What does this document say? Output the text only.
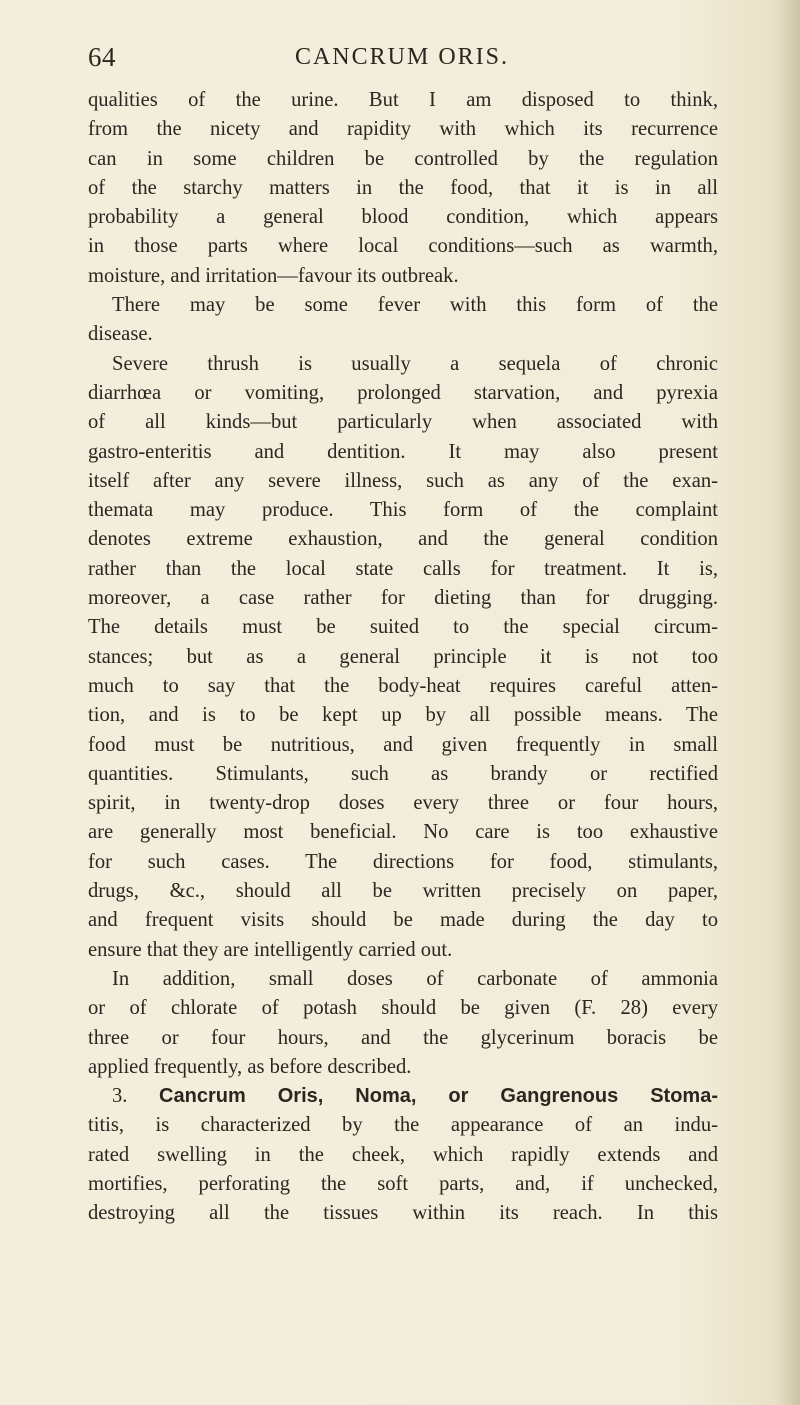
64	CANCRUM ORIS.
qualities of the urine. But I am disposed to think,
from the nicety and rapidity with which its recurrence
can in some children be controlled by the regulation
of the starchy matters in the food, that it is in all
probability a general blood condition, which appears
in those parts where local conditions—such as warmth,
moisture, and irritation—favour its outbreak.
There may be some fever with this form of the
disease.
Severe thrush is usually a sequela of chronic
diarrhœa or vomiting, prolonged starvation, and pyrexia
of all kinds—but particularly when associated with
gastro-enteritis and dentition. It may also present
itself after any severe illness, such as any of the exan-
themata may produce. This form of the complaint
denotes extreme exhaustion, and the general condition
rather than the local state calls for treatment. It is,
moreover, a case rather for dieting than for drugging.
The details must be suited to the special circum-
stances; but as a general principle it is not too
much to say that the body-heat requires careful atten-
tion, and is to be kept up by all possible means. The
food must be nutritious, and given frequently in small
quantities. Stimulants, such as brandy or rectified
spirit, in twenty-drop doses every three or four hours,
are generally most beneficial. No care is too exhaustive
for such cases. The directions for food, stimulants,
drugs, &c., should all be written precisely on paper,
and frequent visits should be made during the day to
ensure that they are intelligently carried out.
In addition, small doses of carbonate of ammonia
or of chlorate of potash should be given (F. 28) every
three or four hours, and the glycerinum boracis be
applied frequently, as before described.
3. Cancrum Oris, Noma, or Gangrenous Stoma-
titis, is characterized by the appearance of an indu-
rated swelling in the cheek, which rapidly extends and
mortifies, perforating the soft parts, and, if unchecked,
destroying all the tissues within its reach. In this
